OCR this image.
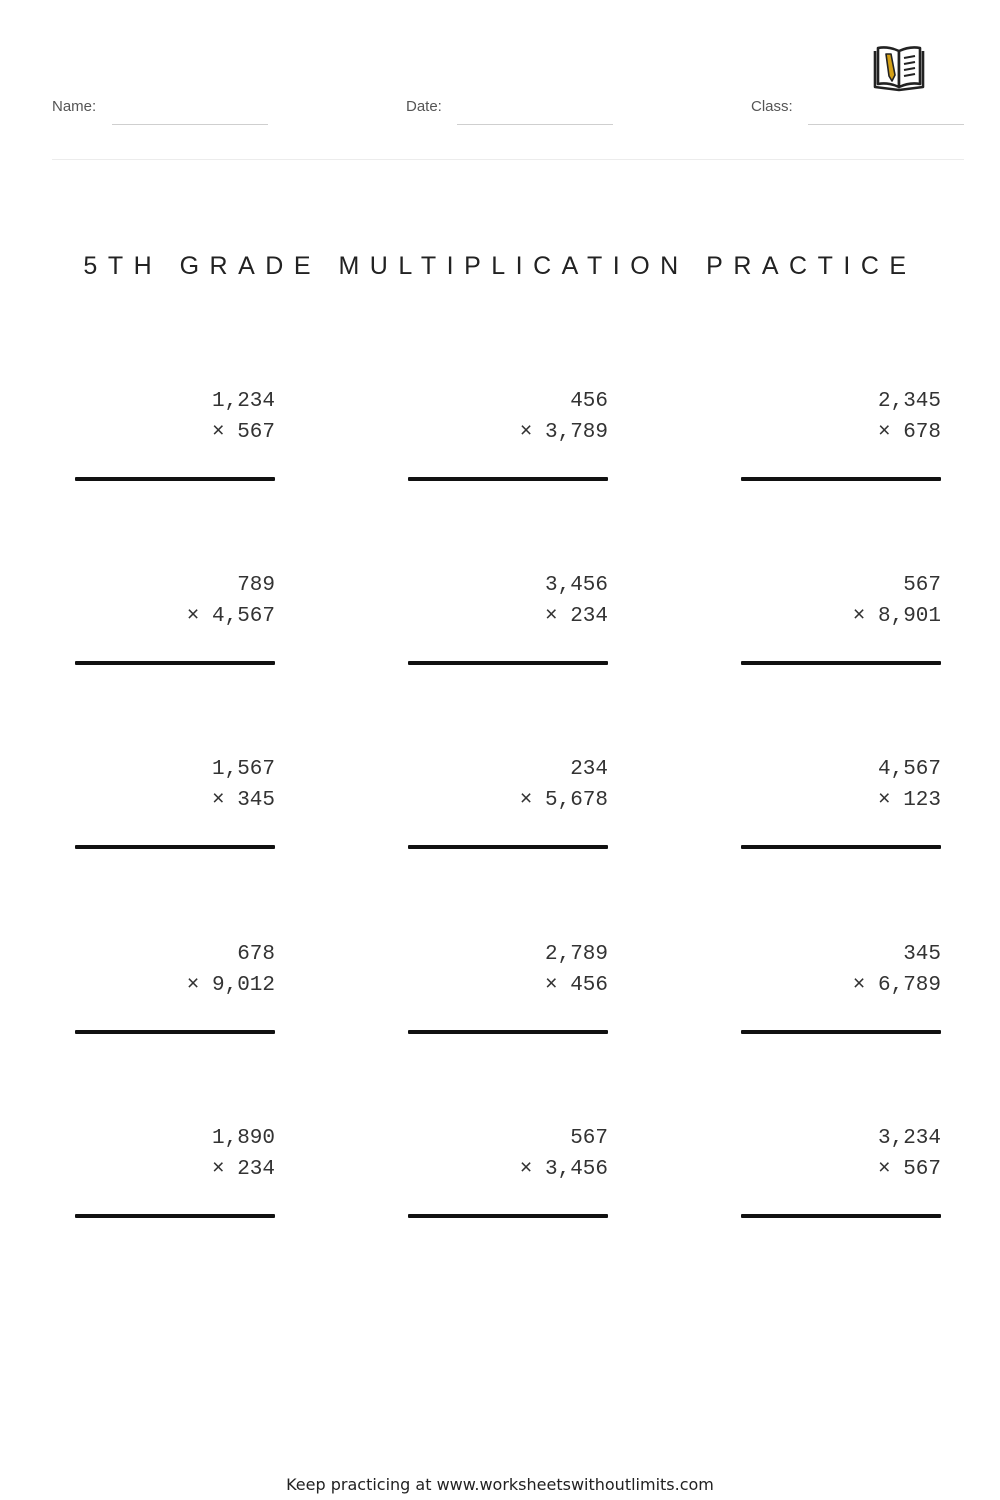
Name:	Date:	Class:
5TH GRADE MULTIPLICATION PRACTICE
1,234
× 567
456
× 3,789
2,345
× 678
789
× 4,567
3,456
× 234
567
× 8,901
1,567
× 345
234
× 5,678
4,567
× 123
678
× 9,012
2,789
× 456
345
× 6,789
1,890
× 234
567
× 3,456
3,234
× 567
Keep practicing at www.worksheetswithoutlimits.com
